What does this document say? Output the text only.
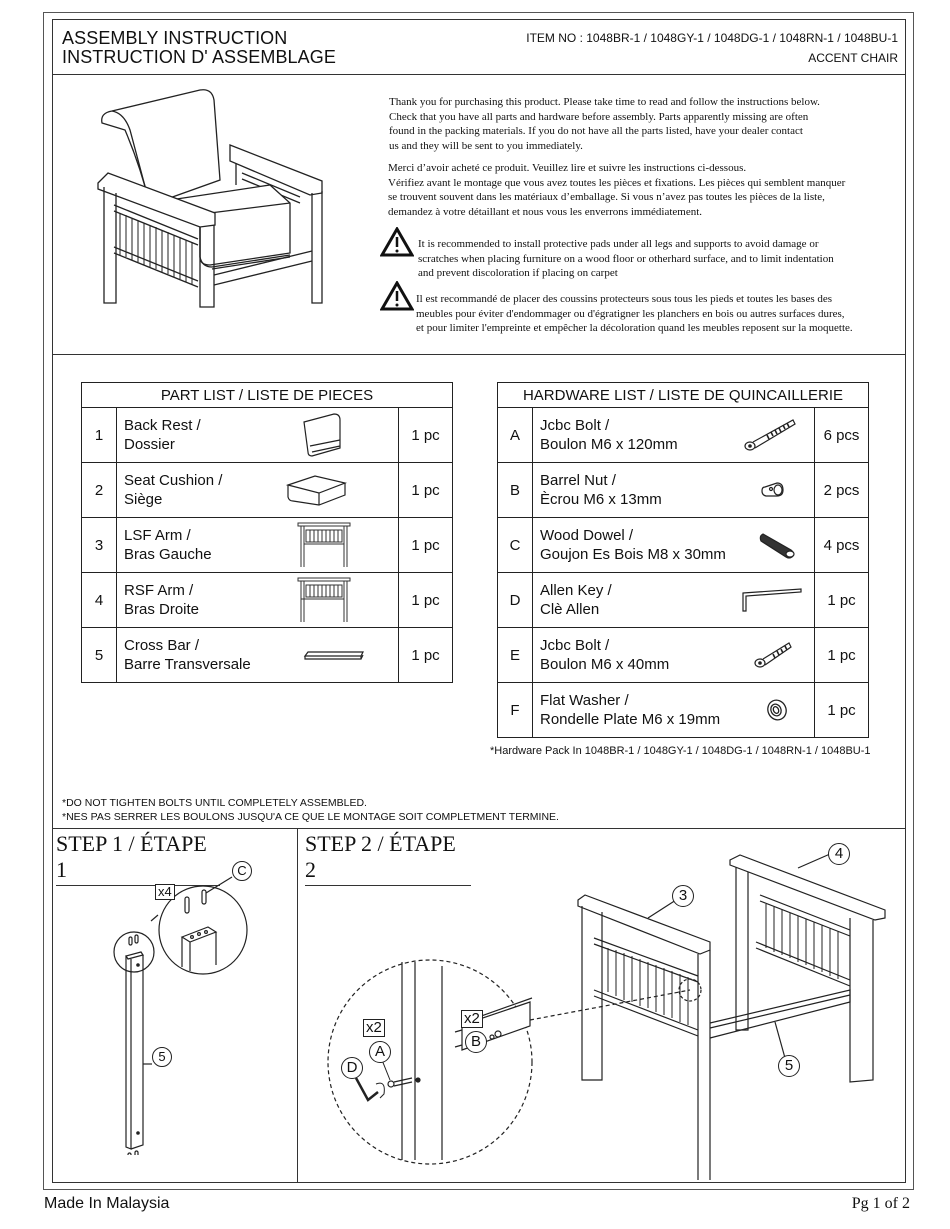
ASSEMBLY INSTRUCTION
INSTRUCTION D' ASSEMBLAGE
ITEM NO : 1048BR-1 / 1048GY-1 / 1048DG-1 / 1048RN-1 / 1048BU-1
ACCENT CHAIR

Thank you for purchasing this product. Please take time to read and follow the instructions below.

Check that you have all parts and hardware before assembly. Parts apparently missing are often

found in the packing materials. If you do not have all the parts listed, have your dealer contact

us and they will be sent to you immediately.

Merci d’avoir acheté ce produit. Veuillez lire et suivre les instructions ci-dessous.

Vérifiez avant le montage que vous avez toutes les pièces et fixations. Les pièces qui semblent manquer

se trouvent souvent dans les matériaux d’emballage. Si vous n’avez pas toutes les pièces de la liste,

demandez à votre détaillant et nous vous les enverrons immédiatement.

It is recommended to install protective pads under all legs and supports to avoid damage or

scratches when placing furniture on a wood floor or otherhard surface, and to limit indentation

and prevent discoloration if placing on carpet

Il est recommandé de placer des coussins protecteurs sous tous les pieds et toutes les bases des

meubles pour éviter d'endommager ou d'égratigner les planchers en bois ou autres surfaces dures,

et pour limiter l'empreinte et empêcher la décoloration quand les meubles reposent sur la moquette.

PART LIST / LISTE DE PIECES		
1	Back Rest /
Dossier	1 pc
2	Seat Cushion /
Siège	1 pc
3	LSF Arm /
Bras Gauche	1 pc
4	RSF Arm /
Bras Droite	1 pc
5	Cross Bar /
Barre Transversale	1 pc
HARDWARE LIST / LISTE DE QUINCAILLERIE		
A	Jcbc Bolt /
Boulon M6 x 120mm	6 pcs
B	Barrel Nut /
Ècrou M6 x 13mm	2 pcs
C	Wood Dowel /
Goujon Es Bois M8 x 30mm	4 pcs
D	Allen Key /
Clè Allen	1 pc
E	Jcbc Bolt /
Boulon M6 x 40mm	1 pc
F	Flat Washer /
Rondelle Plate M6 x 19mm	1 pc
*Hardware Pack In 1048BR-1 / 1048GY-1 / 1048DG-1 / 1048RN-1 / 1048BU-1
*DO NOT TIGHTEN BOLTS UNTIL COMPLETELY ASSEMBLED.
*NES PAS SERRER LES BOULONS JUSQU'A CE QUE LE MONTAGE SOIT COMPLETMENT TERMINE.
STEP 1 / ÉTAPE 1
STEP 2 / ÉTAPE 2
x4
C
5
x2
A
D
x2
B
3
4
5
Made In Malaysia	Pg 1 of 2
